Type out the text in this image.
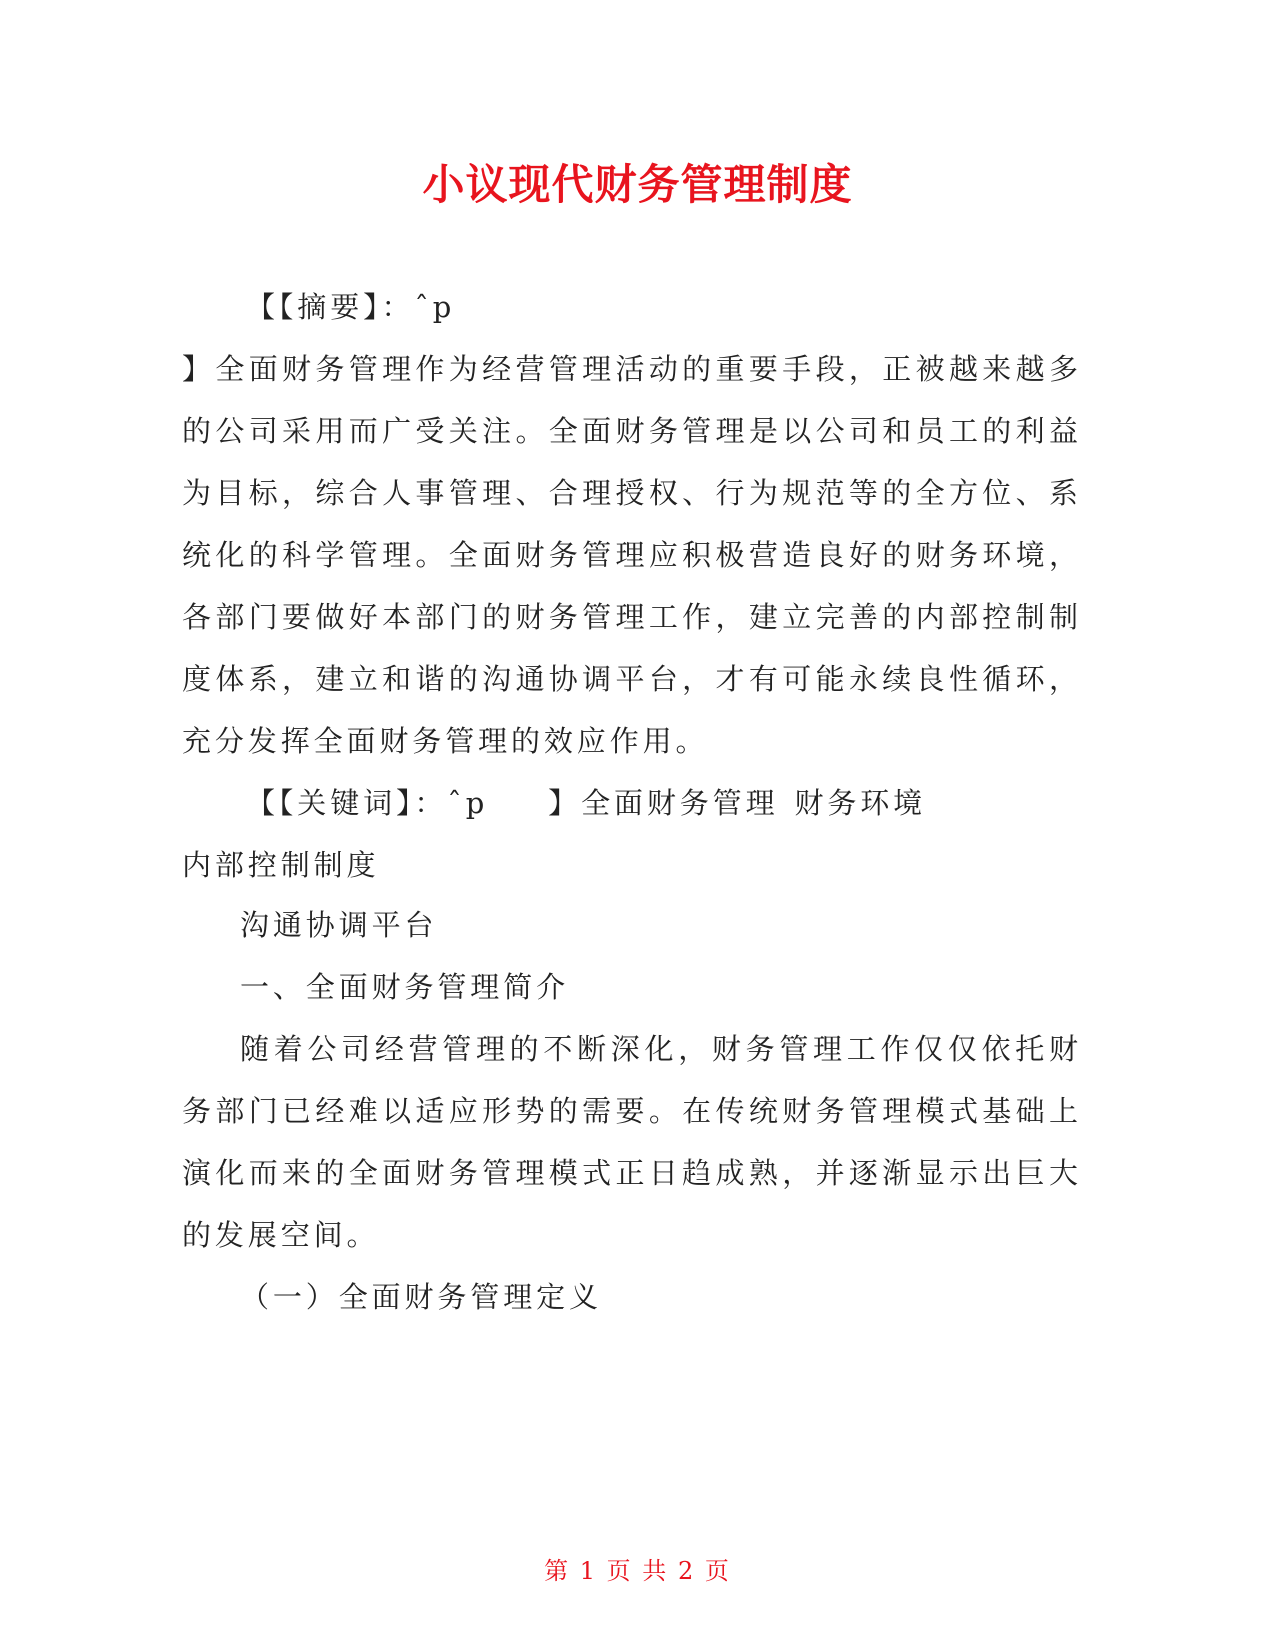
小议现代财务管理制度
【【摘要】：ˆp
】全面财务管理作为经营管理活动的重要手段，正被越来越多
的公司采用而广受关注。全面财务管理是以公司和员工的利益
为目标，综合人事管理、合理授权、行为规范等的全方位、系
统化的科学管理。全面财务管理应积极营造良好的财务环境，
各部门要做好本部门的财务管理工作，建立完善的内部控制制
度体系，建立和谐的沟通协调平台，才有可能永续良性循环，
充分发挥全面财务管理的效应作用。
【【关键词】：ˆp 】全面财务管理 财务环境
内部控制制度
沟通协调平台
一、全面财务管理简介
随着公司经营管理的不断深化，财务管理工作仅仅依托财
务部门已经难以适应形势的需要。在传统财务管理模式基础上
演化而来的全面财务管理模式正日趋成熟，并逐渐显示出巨大
的发展空间。
（一）全面财务管理定义
第 1 页 共 2 页
